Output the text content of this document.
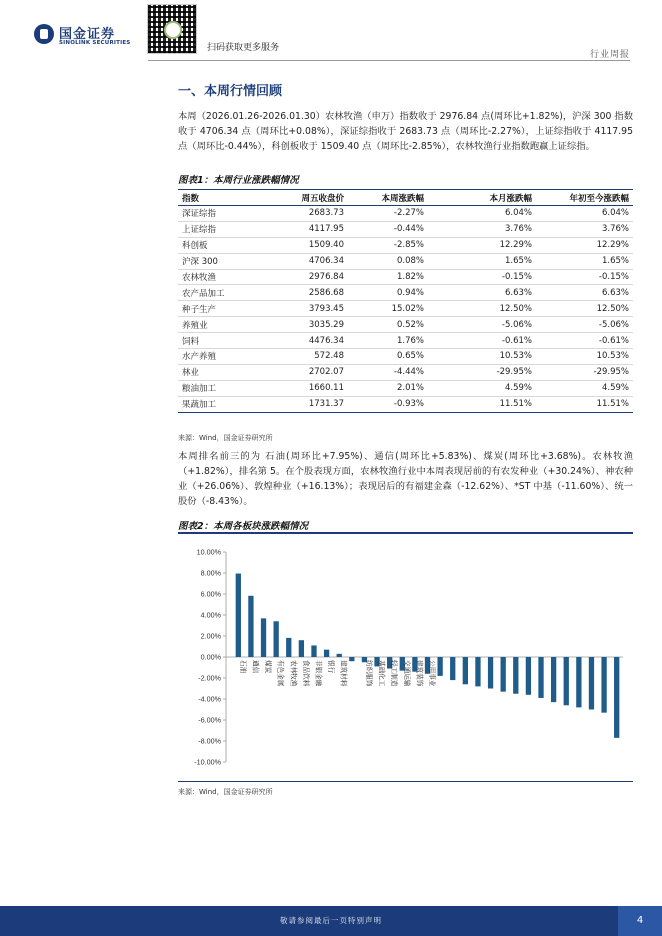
国金证券
SINOLINK SECURITIES	扫码获取更多服务
行业周报
一、本周行情回顾
本周（2026.01.26-2026.01.30）农林牧渔（申万）指数收于 2976.84 点(周环比+1.82%)，沪深 300 指数收于 4706.34 点（周环比+0.08%），深证综指收于 2683.73 点（周环比-2.27%），上证综指收于 4117.95 点（周环比-0.44%），科创板收于 1509.40 点（周环比-2.85%），农林牧渔行业指数跑赢上证综指。
图表1：本周行业涨跌幅情况
指数	周五收盘价	本周涨跌幅	本月涨跌幅	年初至今涨跌幅
深证综指	2683.73	-2.27%	6.04%	6.04%
上证综指	4117.95	-0.44%	3.76%	3.76%
科创板	1509.40	-2.85%	12.29%	12.29%
沪深 300	4706.34	0.08%	1.65%	1.65%
农林牧渔	2976.84	1.82%	-0.15%	-0.15%
农产品加工	2586.68	0.94%	6.63%	6.63%
种子生产	3793.45	15.02%	12.50%	12.50%
养殖业	3035.29	0.52%	-5.06%	-5.06%
饲料	4476.34	1.76%	-0.61%	-0.61%
水产养殖	572.48	0.65%	10.53%	10.53%
林业	2702.07	-4.44%	-29.95%	-29.95%
粮油加工	1660.11	2.01%	4.59%	4.59%
果蔬加工	1731.37	-0.93%	11.51%	11.51%
来源：Wind，国金证券研究所
本周排名前三的为 石油(周环比+7.95%)、通信(周环比+5.83%)、煤炭(周环比+3.68%)。农林牧渔（+1.82%），排名第 5。在个股表现方面，农林牧渔行业中本周表现居前的有农发种业（+30.24%）、神农种业（+26.06%）、敦煌种业（+16.13%）；表现居后的有福建金森（-12.62%）、*ST 中基（-11.60%）、统一股份（-8.43%）。
图表2：本周各板块涨跌幅情况
10.00%
8.00%
6.00%
4.00%
2.00%
0.00%
-2.00%
-4.00%
-6.00%
-8.00%
-10.00%
石油 通信 煤炭 有色金属 农林牧渔 食品饮料 非银金融 银行 建筑材料	纺织服饰 基础化工 轻工制造 交通运输 建筑装饰 公用事业
来源：Wind，国金证券研究所
敬请参阅最后一页特别声明	4
